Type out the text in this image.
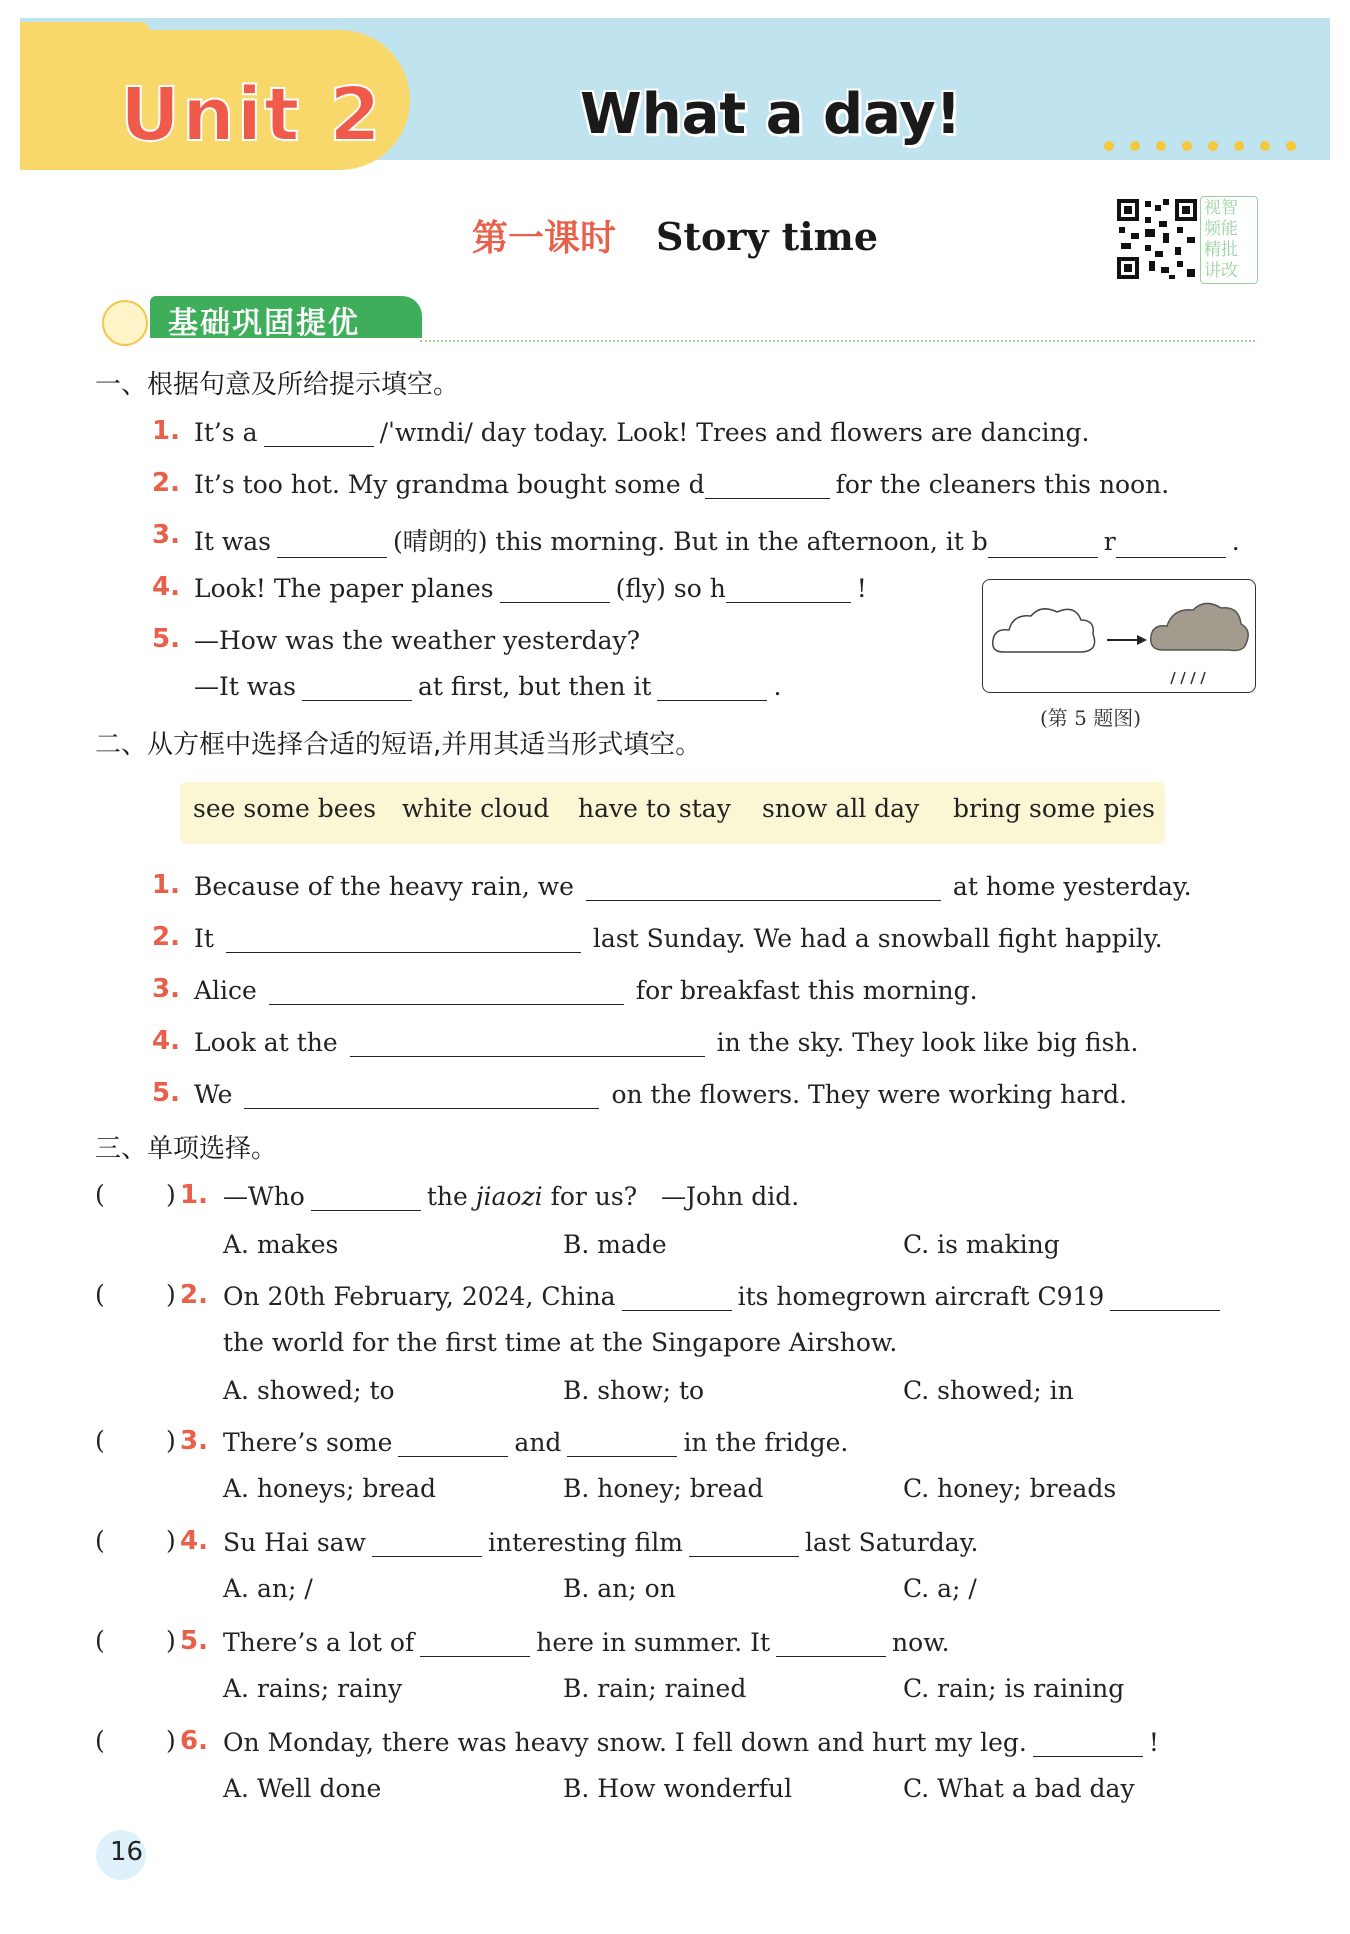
Unit 2	What a day!
第一课时 Story time
视智
频能
精批
讲改
基础巩固提优
一、根据句意及所给提示填空。
1. It’s a	/ˈwɪndi/ day today. Look! Trees and flowers are dancing.
2. It’s too hot. My grandma bought some d	for the cleaners this noon.
3. It was	(晴朗的) this morning. But in the afternoon, it b	r	.
4. Look! The paper planes	(fly) so h	!
5. —How was the weather yesterday?
—It was	at first, but then it	.
(第 5 题图)
二、从方框中选择合适的短语,并用其适当形式填空。
see some bees white cloud have to stay snow all day bring some pies
1. Because of the heavy rain, we	at home yesterday.
2. It	last Sunday. We had a snowball fight happily.
3. Alice	for breakfast this morning.
4. Look at the	in the sky. They look like big fish.
5. We	on the flowers. They were working hard.
三、单项选择。
( ) 1. —Who	the jiaozi for us? —John did.
A. makes	B. made	C. is making
( ) 2. On 20th February, 2024, China	its homegrown aircraft C919
the world for the first time at the Singapore Airshow.
A. showed; to	B. show; to	C. showed; in
( ) 3. There’s some	and	in the fridge.
A. honeys; bread	B. honey; bread	C. honey; breads
( ) 4. Su Hai saw	interesting film	last Saturday.
A. an; /	B. an; on	C. a; /
( ) 5. There’s a lot of	here in summer. It	now.
A. rains; rainy	B. rain; rained	C. rain; is raining
( ) 6. On Monday, there was heavy snow. I fell down and hurt my leg.	!
A. Well done	B. How wonderful	C. What a bad day
16
